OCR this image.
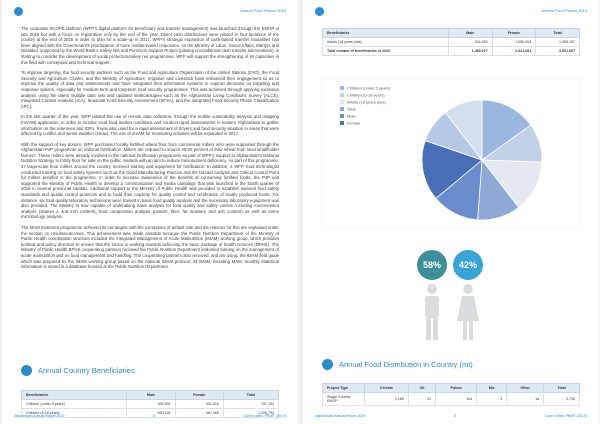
Annual Food Report 2019

The corporate SCOPE platform (WFP's digital platform for beneficiary and transfer management) was launched through the EMOP in late 2016 but with a focus on registration only by the end of the year. Direct cash distributions were piloted in four locations of the country at the end of 2016 in order to plan for a scale-up in 2017. WFP's strategic expansion of cash-based transfer modalities has been aligned with the Government's prioritization of more market-based responses. As the Ministry of Labor, Social Affairs, Martyrs and Disabled, supported by the World Bank's Safety Net and Pensions Support Project (piloting unconditional cash transfer interventions), is starting to consider the development of social protection/safety net programmes, WFP will support the strengthening of its capacities in this field with conceptual and technical support.

To improve targeting, the food security partners such as the Food and Agriculture Organization of the United Nations (FAO), the Food Security and Agriculture Cluster, and the Ministry of Agriculture, Irrigation and Livestock have enhanced their engagement so as to improve the quality of data and assessments and have integrated their information systems to support decisions on targeting and response options, especially for medium-term and long-term food security programmes. This was achieved through applying extensive analysis using the latest multiple data sets and updated methodologies such as the Afghanistan Living Conditions Survey (ALCS), Integrated Context Analysis (ICA), Seasonal Food Security Assessment (SFSA), and the Integrated Food Security Phase Classification (IPC).

In the last quarter of the year, WFP piloted the use of remote data collection, through the mobile vulnerability analysis and mapping (mVAM) application, in order to monitor local food market conditions and conduct rapid assessments in eastern Afghanistan to gather information on the returnees and IDPs. It was also used for a rapid assessment of drivers and food security situation in areas that were affected by conflict and winter weather (snow). The use of mVAM for monitoring activities will be expanded in 2017.

With the support of key donors, WFP purchased locally fortified wheat flour from commercial millers who were supported through the Afghanistan P4P programme on national fortification. Millers are required to source 40-50 percent of their wheat from local smallholder farmers. These millers were already involved in the national fortification programme as part of WFP's support to Afghanistan's National Nutrition Strategy to fortify flour for sale on the public markets with an aim to reduce micronutrient deficiency. As part of this programme, 27 large-scale flour millers around the country received training and equipment for fortification. In addition, a WFP, food technologist conducted training on food safety systems such as the Good Manufacturing Practice and the Hazard Analysis and Critical Control Point for millers enrolled in the programme. In order to increase awareness of the benefits of consuming fortified foods, the P4P unit supported the Ministry of Public Health to develop a communication and media campaign that was launched in the fourth quarter of 2016 in several provincial capitals. Additional support to the Ministry of Public Health was provided to establish national food safety standards and quality control protocols and to build their capacity for quality control and certification of locally produced foods. For instance, six food quality laboratory technicians were trained in basic food quality analysis and the necessary laboratory equipment was also provided. The Ministry is now capable of undertaking basic analysis for food quality and safety control, including micronutrient analysis (vitamin A and iron content), food composition analysis (protein, fiber, fat moisture and ash content) as well as some microbiology analysis.

The MAM treatment programme achieved its set targets with the exceptions of default rate and the reasons for this are explained under the section on results/outcomes. This achievement was made possible because the Public Nutrition Department of the Ministry of Public Health coordination structure included the Integrated Management of Acute Malnutrition (IMAM) working group, which provides political and policy direction to ensure that the sector is working towards achieving the basic package of health services (BPHS). The Ministry of Public Health BPHS cooperating partners received the Public Nutrition Department endorsed training on the management of acute malnutrition and on food management and handling. The cooperating partners also received, and are using, the IMAM field guide which was prepared by the IMAM working group based on the national IMAM protocol. All IMAM, including MAM, monthly statistical information is stored in a database housed at the Public Nutrition Department.

Annual Country Beneficiaries
Beneficiaries	Male	Female	Total
Children (under 5 years)	395,394	391,816	787,154
Children (5-18 years)	550,135	467,965	1,026,794
Afghanistan Annual Report 2019	8	Cover Letter, PBWT (2019)
Annual Food Report 2019
Beneficiaries	Male	Female	Total
Adults (18 years plus)	534,943	1,050,904	1,595,167
Total number of beneficiaries in 2016	1,480,077	2,021,681	3,501,667
Children (under 5 years)
Children (5-18 years)
Adults (18 years plus)
Total
Male
Female
58%	42%
Annual Food Distribution in Country (mt)
Project Type	Cereals	Oil	Pulses	Mix	Other	Total
Single Country EMOP	3,269	22	104	3	1a	3,798
Afghanistan Annual Report 2019	9	Cover Letter, PBWT (2019)
